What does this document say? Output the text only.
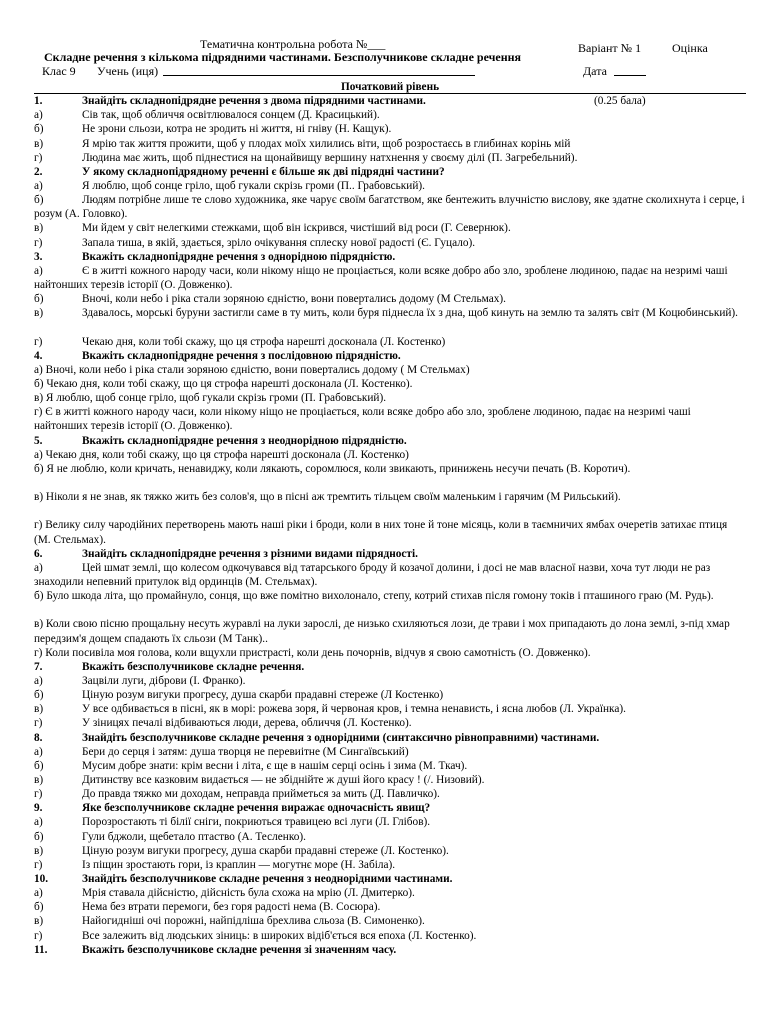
Тематична контрольна робота №___	Варіант № 1	Оцінка
Складне речення з кількома підрядними частинами. Безсполучникове складне речення
Клас 9 Учень (иця)	Дата
Початковий рівень
1.	Знайдіть складнопідрядне речення з двома підрядними частинами.	(0.25 бала)
а)	Сів так, щоб обличчя освітлювалося сонцем (Д. Красицький).
б)	Не зрони сльози, котра не зродить ні життя, ні гніву (Н. Кащук).
в)	Я мрію так життя прожити, щоб у плодах моїх хилились віти, щоб розростаєсь в глибинах корінь мій
г)	Людина має жить, щоб піднестися на щонайвищу вершину натхнення у своєму ділі (П. Загребельний).
2.	У якому складнопідрядному реченні є більше як дві підрядні частини?
а)	Я люблю, щоб сонце гріло, щоб гукали скрізь громи (П.. Грабовський).
б)	Людям потрібне лише те слово художника, яке чарує своїм багатством, яке бентежить влучністю вислову, яке здатне сколихнута і серце, і розум (А. Головко).
в)	Ми йдем у світ нелегкими стежками, щоб він іскрився, чистіший від роси (Г. Севернюк).
г)	Запала тиша, в якій, здається, зріло очікування сплеску нової радості (Є. Гуцало).
3.	Вкажіть складнопідрядне речення з однорідною підрядністю.
а)	Є в житті кожного народу часи, коли нікому ніщо не проціається, коли всяке добро або зло, зроблене людиною, падає на незримі чаші найтонших терезів історії (О. Довженко).
б)	Вночі, коли небо і ріка стали зоряною єдністю, вони повертались додому (М Стельмах).
в)	Здавалось, морські буруни застигли саме в ту мить, коли буря піднесла їх з дна, щоб кинуть на землю та залять світ (М Коцюбинський).
г)	Чекаю дня, коли тобі скажу, що ця строфа нарешті досконала (Л. Костенко)
4.	Вкажіть складнопідрядне речення з послідовною підрядністю.
а) Вночі, коли небо і ріка стали зоряною єдністю, вони повертались додому ( М Стельмах)
б) Чекаю дня, коли тобі скажу, що ця строфа нарешті досконала (Л. Костенко).
в) Я люблю, щоб сонце гріло, щоб гукали скрізь громи (П. Грабовський).
г) Є в житті кожного народу часи, коли нікому ніщо не проціається, коли всяке добро або зло, зроблене людиною, падає на незримі чаші найтонших терезів історії (О. Довженко).
5.	Вкажіть складнопідрядне речення з неоднорідною підрядністю.
а) Чекаю дня, коли тобі скажу, що ця строфа нарешті досконала (Л. Костенко)
б) Я не люблю, коли кричать, ненавиджу, коли лякають, соромлюся, коли звикають, принижень несучи печать (В. Коротич).
в) Ніколи я не знав, як тяжко жить без солов'я, що в пісні аж тремтить тільцем своїм маленьким і гарячим (М Рильський).
г) Велику силу чародійних перетворень мають наші ріки і броди, коли в них тоне й тоне місяць, коли в таємничих ямбах очеретів затихає птиця (М. Стельмах).
6.	Знайдіть складнопідрядне речення з різними видами підрядності.
а)	Цей шмат землі, що колесом одкочувався від татарського броду й козачої долини, і досі не мав власної назви, хоча тут люди не раз знаходили непевний притулок від ординців (М. Стельмах).
б) Було шкода літа, що промайнуло, сонця, що вже помітно вихолонало, степу, котрий стихав після гомону токів і пташиного граю (М. Рудь).
в) Коли свою пісню прощальну несуть журавлі на луки зарослі, де низько схиляються лози, де трави і мох припадають до лона землі, з-під хмар передзим'я дощем спадають їх сльози (М Танк)..
г) Коли посивіла моя голова, коли вщухли пристрасті, коли день почорнів, відчув я свою самотність (О. Довженко).
7.	Вкажіть безсполучникове складне речення.
а)	Зацвіли луги, діброви (І. Франко).
б)	Ціную розум вигуки прогресу, душа скарби прадавні стереже (Л Костенко)
в)	У все одбивається в пісні, як в морі: рожева зоря, й червоная кров, і темна ненависть, і ясна любов (Л. Українка).
г)	У зіницях печалі відбиваються люди, дерева, обличчя (Л. Костенко).
8.	Знайдіть безсполучникове складне речення з однорідними (синтаксично рівноправними) частинами.
а)	Бери до серця і затям: душа творця не перевиітне (М Сингаївський)
б)	Мусим добре знати: крім весни і літа, є ще в нашім серці осінь і зима (М. Ткач).
в)	Дитинству все казковим видається — не збіднійте ж душі його красу ! (/. Низовий).
г)	До правда тяжко ми доходам, неправда прийметься за мить (Д. Павличко).
9.	Яке безсполучникове складне речення виражає одночасність явищ?
а)	Порозростають ті білії сніги, покриються травицею всі луги (Л. Глібов).
б)	Гули бджоли, щебетало птаство (А. Тесленко).
в)	Ціную розум вигуки прогресу, душа скарби прадавні стереже (Л. Костенко).
г)	Із піщин зростають гори, із краплин — могутнє море (Н. Забіла).
10.	Знайдіть безсполучникове складне речення з неоднорідними частинами.
а)	Мрія ставала дійсністю, дійсність була схожа на мрію (Л. Дмитерко).
б)	Нема без втрати перемоги, без горя радості нема (В. Сосюра).
в)	Найогидніші очі порожні, найпідліша брехлива сльоза (В. Симоненко).
г)	Все залежить від людських зіниць: в широких відіб'ється вся епоха (Л. Костенко).
11.	Вкажіть безсполучникове складне речення зі значенням часу.
